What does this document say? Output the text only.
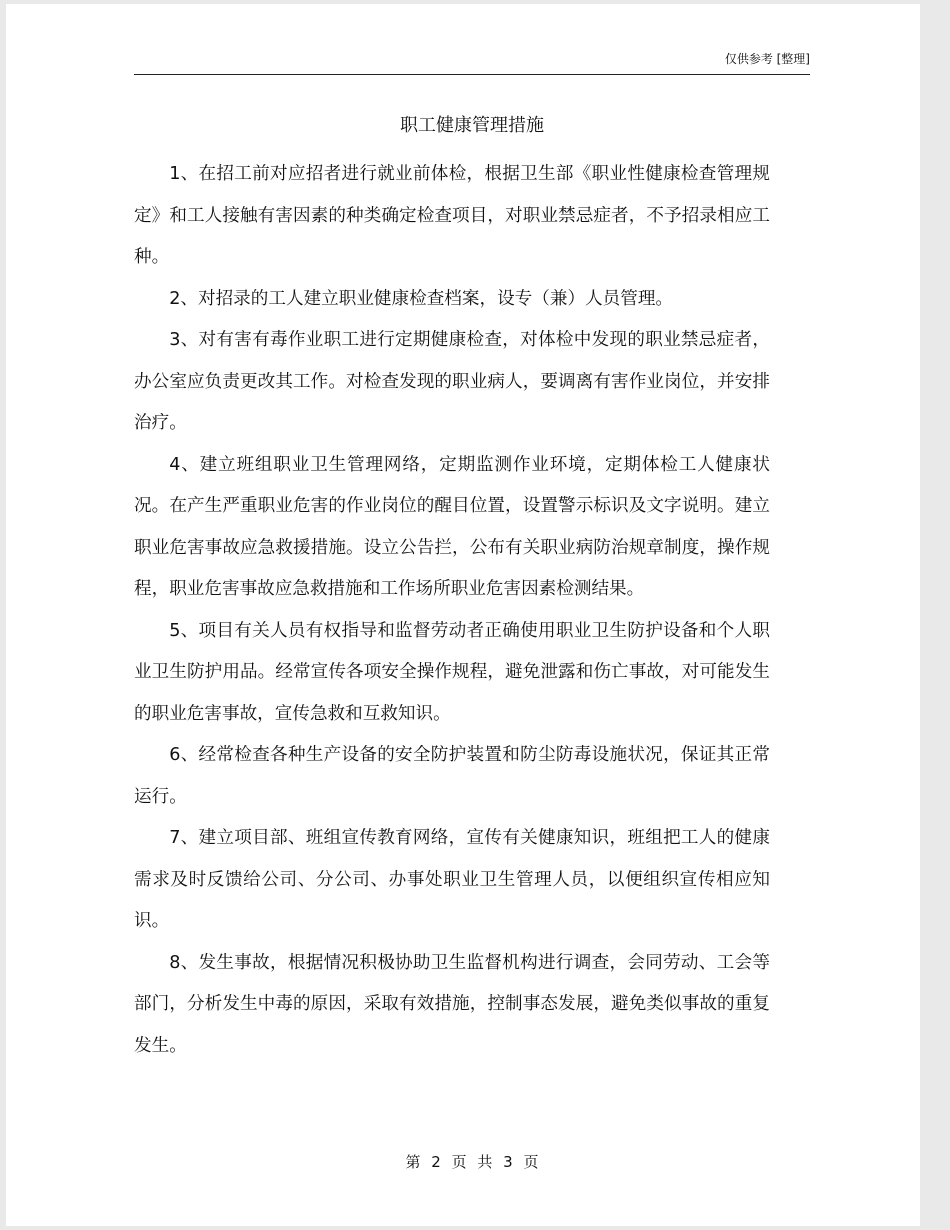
仅供参考 [整理]
职工健康管理措施

1、在招工前对应招者进行就业前体检，根据卫生部《职业性健康检查管理规定》和工人接触有害因素的种类确定检查项目，对职业禁忌症者，不予招录相应工种。

2、对招录的工人建立职业健康检查档案，设专（兼）人员管理。

3、对有害有毒作业职工进行定期健康检查，对体检中发现的职业禁忌症者，办公室应负责更改其工作。对检查发现的职业病人，要调离有害作业岗位，并安排治疗。

4、建立班组职业卫生管理网络，定期监测作业环境，定期体检工人健康状况。在产生严重职业危害的作业岗位的醒目位置，设置警示标识及文字说明。建立职业危害事故应急救援措施。设立公告拦，公布有关职业病防治规章制度，操作规程，职业危害事故应急救措施和工作场所职业危害因素检测结果。

5、项目有关人员有权指导和监督劳动者正确使用职业卫生防护设备和个人职业卫生防护用品。经常宣传各项安全操作规程，避免泄露和伤亡事故，对可能发生的职业危害事故，宣传急救和互救知识。

6、经常检查各种生产设备的安全防护装置和防尘防毒设施状况，保证其正常运行。

7、建立项目部、班组宣传教育网络，宣传有关健康知识，班组把工人的健康需求及时反馈给公司、分公司、办事处职业卫生管理人员，以便组织宣传相应知识。

8、发生事故，根据情况积极协助卫生监督机构进行调查，会同劳动、工会等部门，分析发生中毒的原因，采取有效措施，控制事态发展，避免类似事故的重复发生。

第 2 页 共 3 页
